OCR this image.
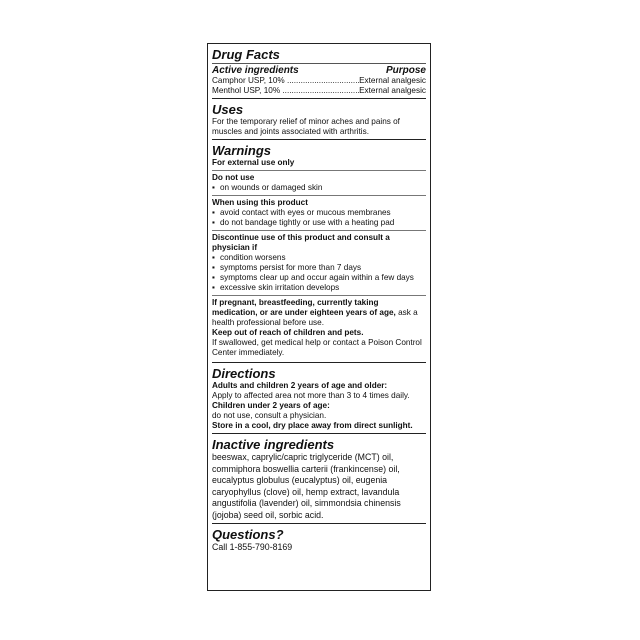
Drug Facts
Active ingredients	Purpose
Camphor USP, 10% .....	External analgesic
Menthol USP, 10% .....	External analgesic
Uses
For the temporary relief of minor aches and pains of muscles and joints associated with arthritis.
Warnings
For external use only
Do not use
▪ on wounds or damaged skin
When using this product
▪ avoid contact with eyes or mucous membranes
▪ do not bandage tightly or use with a heating pad
Discontinue use of this product and consult a physician if
▪ condition worsens
▪ symptoms persist for more than 7 days
▪ symptoms clear up and occur again within a few days
▪ excessive skin irritation develops
If pregnant, breastfeeding, currently taking medication, or are under eighteen years of age, ask a health professional before use.
Keep out of reach of children and pets.
If swallowed, get medical help or contact a Poison Control Center immediately.
Directions
Adults and children 2 years of age and older:
Apply to affected area not more than 3 to 4 times daily.
Children under 2 years of age:
do not use, consult a physician.
Store in a cool, dry place away from direct sunlight.
Inactive ingredients
beeswax, caprylic/capric triglyceride (MCT) oil, commiphora boswellia carterii (frankincense) oil, eucalyptus globulus (eucalyptus) oil, eugenia caryophyllus (clove) oil, hemp extract, lavandula angustifolia (lavender) oil, simmondsia chinensis (jojoba) seed oil, sorbic acid.
Questions?
Call 1-855-790-8169
